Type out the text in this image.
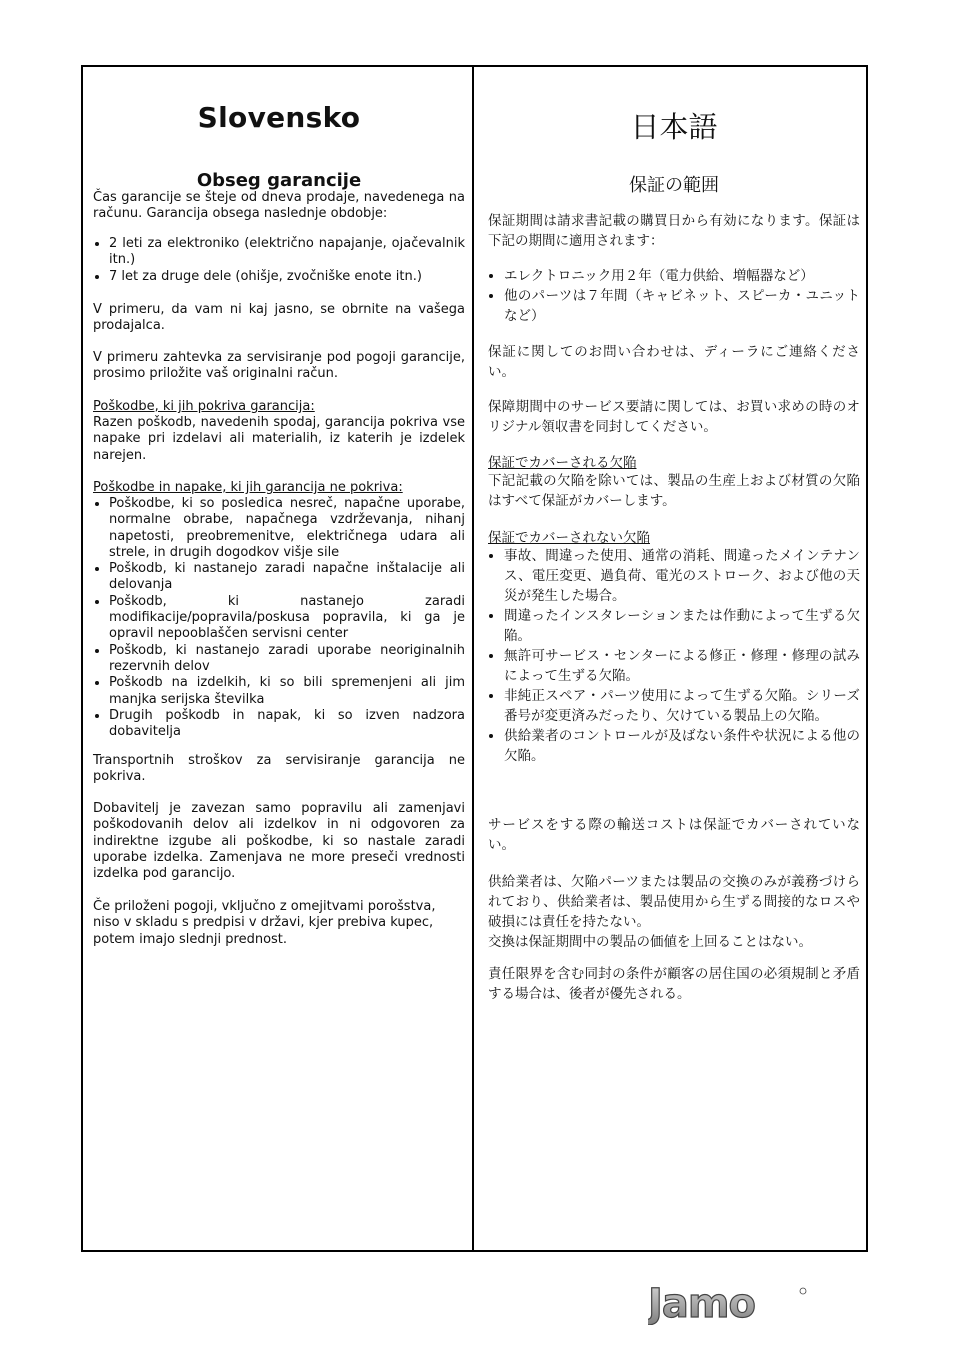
Slovensko
Obseg garancije
Čas garancije se šteje od dneva prodaje, navedenega na računu. Garancija obsega naslednje obdobje:
• 2 leti za elektroniko (električno napajanje, ojačevalnik itn.)
• 7 let za druge dele (ohišje, zvočniške enote itn.)
V primeru, da vam ni kaj jasno, se obrnite na vašega prodajalca.
V primeru zahtevka za servisiranje pod pogoji garancije, prosimo priložite vaš originalni račun.
Poškodbe, ki jih pokriva garancija:
Razen poškodb, navedenih spodaj, garancija pokriva vse napake pri izdelavi ali materialih, iz katerih je izdelek narejen.
Poškodbe in napake, ki jih garancija ne pokriva:
• Poškodbe, ki so posledica nesreč, napačne uporabe, normalne obrabe, napačnega vzdrževanja, nihanj napetosti, preobremenitve, električnega udara ali strele, in drugih dogodkov višje sile
• Poškodb, ki nastanejo zaradi napačne inštalacije ali delovanja
• Poškodb, ki nastanejo zaradi modifikacije/popravila/poskusa popravila, ki ga je opravil nepooblaščen servisni center
• Poškodb, ki nastanejo zaradi uporabe neoriginalnih rezervnih delov
• Poškodb na izdelkih, ki so bili spremenjeni ali jim manjka serijska številka
• Drugih poškodb in napak, ki so izven nadzora dobavitelja
Transportnih stroškov za servisiranje garancija ne pokriva.
Dobavitelj je zavezan samo popravilu ali zamenjavi poškodovanih delov ali izdelkov in ni odgovoren za indirektne izgube ali poškodbe, ki so nastale zaradi uporabe izdelka. Zamenjava ne more preseči vrednosti izdelka pod garancijo.
Če priloženi pogoji, vključno z omejitvami porošstva, niso v skladu s predpisi v državi, kjer prebiva kupec, potem imajo slednji prednost.
日本語
保証の範囲
保証期間は請求書記載の購買日から有効になります。保証は下記の期間に適用されます：
• エレクトロニック用２年（電力供給、増幅器など）
• 他のパーツは７年間（キャビネット、スピーカ・ユニットなど）
保証に関してのお問い合わせは、ディーラにご連絡ください。
保障期間中のサービス要請に関しては、お買い求めの時のオリジナル領収書を同封してください。
保証でカバーされる欠陥
下記記載の欠陥を除いては、製品の生産上および材質の欠陥はすべて保証がカバーします。
保証でカバーされない欠陥
• 事故、間違った使用、通常の消耗、間違ったメインテナンス、電圧変更、過負荷、電光のストローク、および他の天災が発生した場合。
• 間違ったインスタレーションまたは作動によって生ずる欠陥。
• 無許可サービス・センターによる修正・修理・修理の試みによって生ずる欠陥。
• 非純正スペア・パーツ使用によって生ずる欠陥。シリーズ番号が変更済みだったり、欠けている製品上の欠陥。
• 供給業者のコントロールが及ばない条件や状況による他の欠陥。
サービスをする際の輸送コストは保証でカバーされていない。
供給業者は、欠陥パーツまたは製品の交換のみが義務づけられており、供給業者は、製品使用から生ずる間接的なロスや破損には責任を持たない。
交換は保証期間中の製品の価値を上回ることはない。
責任限界を含む同封の条件が顧客の居住国の必須規制と矛盾する場合は、後者が優先される。
Jamo
